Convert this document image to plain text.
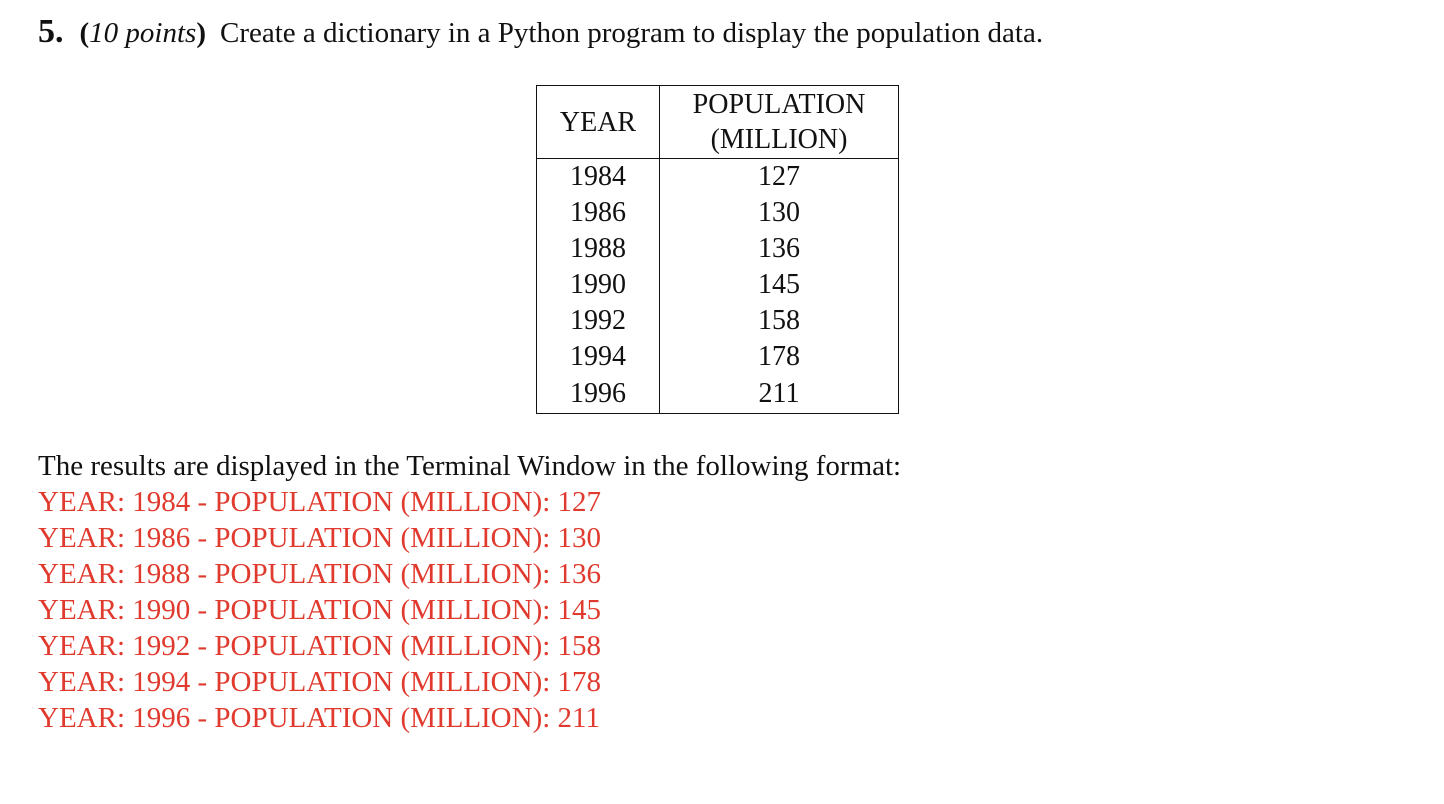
5. (10 points) Create a dictionary in a Python program to display the population data.
YEAR	POPULATION
(MILLION)

1984	127
1986	130
1988	136
1990	145
1992	158
1994	178
1996	211
The results are displayed in the Terminal Window in the following format:
YEAR: 1984 - POPULATION (MILLION): 127
YEAR: 1986 - POPULATION (MILLION): 130
YEAR: 1988 - POPULATION (MILLION): 136
YEAR: 1990 - POPULATION (MILLION): 145
YEAR: 1992 - POPULATION (MILLION): 158
YEAR: 1994 - POPULATION (MILLION): 178
YEAR: 1996 - POPULATION (MILLION): 211
